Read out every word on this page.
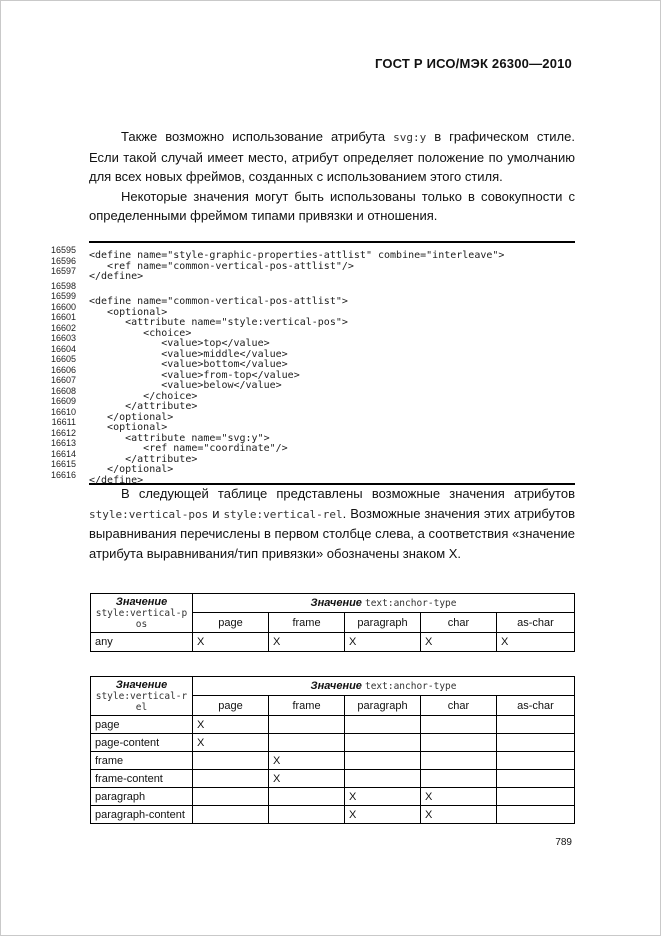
ГОСТ Р ИСО/МЭК 26300—2010

Также возможно использование атрибута svg:y в графическом стиле. Если такой случай имеет место, атрибут определяет положение по умолчанию для всех новых фреймов, созданных с использованием этого стиля.

Некоторые значения могут быть использованы только в совокупности с определенными фреймом типами привязки и отношения.

16595 <define name="style-graphic-properties-attlist" combine="interleave">
16596 <ref name="common-vertical-pos-attlist"/>
16597 </define>
16598
16599 <define name="common-vertical-pos-attlist">
16600 <optional>
16601 <attribute name="style:vertical-pos">
16602 <choice>
16603 <value>top</value>
16604 <value>middle</value>
16605 <value>bottom</value>
16606 <value>from-top</value>
16607 <value>below</value>
16608 </choice>
16609 </attribute>
16610 </optional>
16611 <optional>
16612 <attribute name="svg:y">
16613 <ref name="coordinate"/>
16614 </attribute>
16615 </optional>
16616 </define>

В следующей таблице представлены возможные значения атрибутов style:vertical-pos и style:vertical-rel. Возможные значения этих атрибутов выравнивания перечислены в первом столбце слева, а соответствия «значение атрибута выравнивания/тип привязки» обозначены знаком X.

Значение
style:vertical-pos	Значение text:anchor-type				
	page	frame	paragraph	char	as-char
any	X	X	X	X	X
Значение
style:vertical-rel	Значение text:anchor-type				
	page	frame	paragraph	char	as-char
page	X				
page-content	X				
frame		X			
frame-content		X			
paragraph			X	X	
paragraph-content			X	X	
789
